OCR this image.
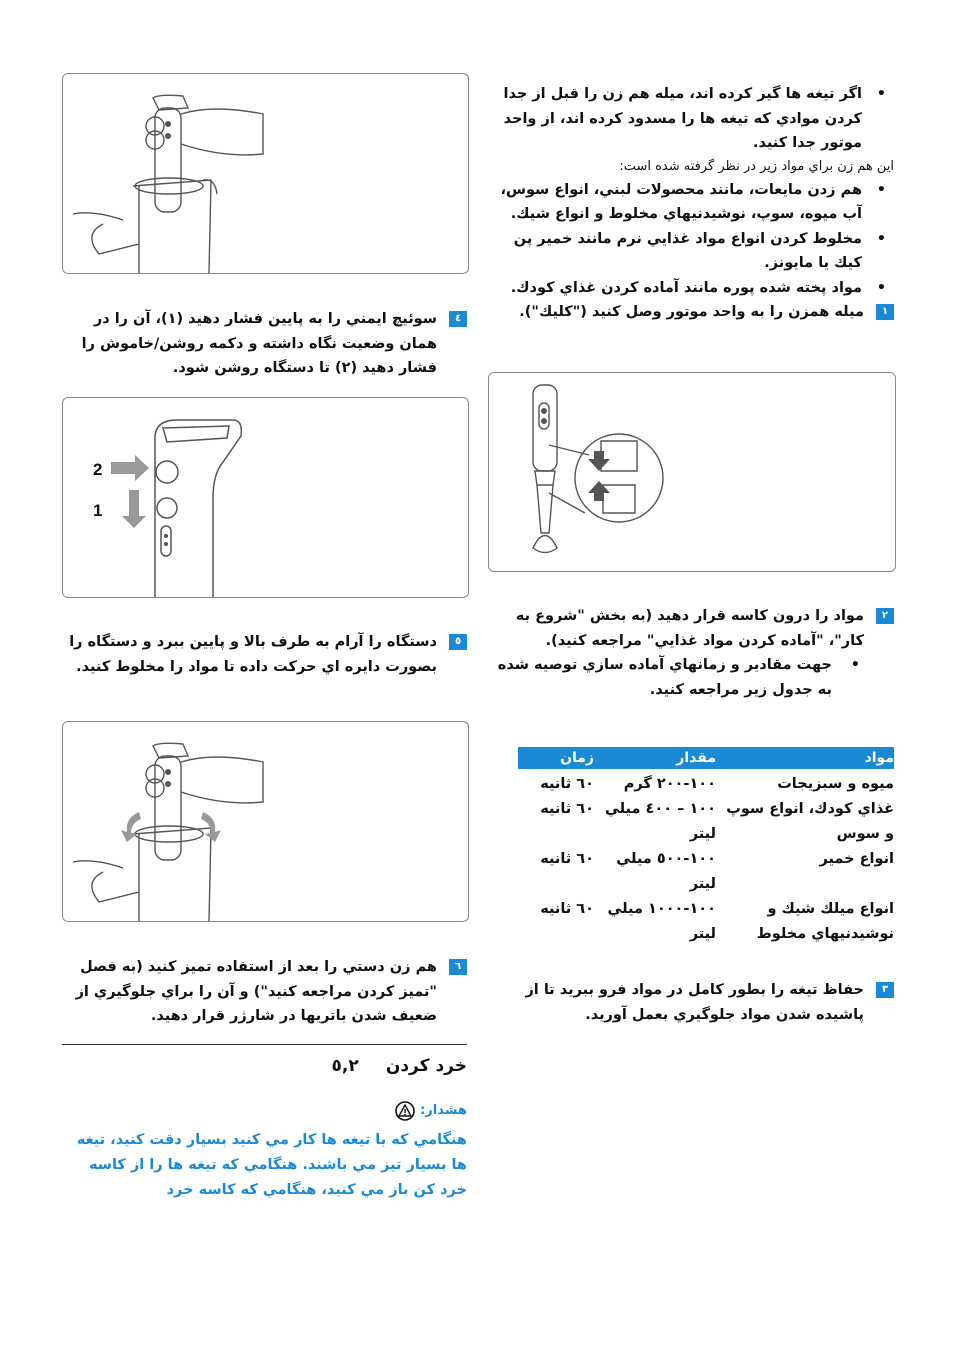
•
اگر تيغه ها گير کرده اند، ميله هم زن را قبل از جدا کردن موادي که تيغه ها را مسدود کرده اند، از واحد موتور جدا کنيد.

اين هم زن براي مواد زير در نظر گرفته شده است:

•
هم زدن مايعات، مانند محصولات لبني، انواع سوس، آب ميوه، سوپ، نوشيدنيهاي مخلوط و انواع شيك.

•
مخلوط كردن انواع مواد غذايي نرم مانند خمير پن كيك يا مايونز.

•
مواد پخته شده پوره مانند آماده كردن غذاي كودك.

١
ميله همزن را به واحد موتور وصل كنيد ("كليك").

٢
مواد را درون كاسه قرار دهيد (به بخش "شروع به كار"، "آماده كردن مواد غذايي" مراجعه كنيد).

•
جهت مقادير و زمانهاي آماده سازي توصيه شده به جدول زير مراجعه كنيد.

مواد
مقدار
زمان
ميوه و سبزيجات
١٠٠-٢٠٠ گرم
٦٠ ثانيه
غذاي كودك، انواع سوپ و سوس
١٠٠ – ٤٠٠ ميلي ليتر
٦٠ ثانيه
انواع خمير
١٠٠-٥٠٠ ميلي ليتر
٦٠ ثانيه
انواع ميلك شيك و نوشيدنيهاي مخلوط
١٠٠-١٠٠٠ ميلي ليتر
٦٠ ثانيه

٣
حفاظ تيغه را بطور كامل در مواد فرو ببريد تا از پاشيده شدن مواد جلوگيري بعمل آوريد.

٤
سوئيچ ايمني را به پايين فشار دهيد (١)، آن را در همان وضعيت نگاه داشته و دكمه روشن/خاموش را فشار دهيد (٢) تا دستگاه روشن شود.

2
1

٥
دستگاه را آرام به طرف بالا و پايين ببرد و دستگاه را بصورت دايره اي حركت داده تا مواد را مخلوط كنيد.

٦
هم زن دستي را بعد از استفاده تميز كنيد (به فصل "تميز كردن مراجعه كنيد") و آن را براي جلوگيري از ضعيف شدن باتريها در شارژر قرار دهيد.

خرد كردن ٥,٢
هشدار:

هنگامي كه با تيغه ها كار مي كنيد بسيار دقت كنيد، تيغه ها بسيار تيز مي باشند. هنگامي كه تيغه ها را از كاسه خرد كن باز مي كنيد، هنگامي كه كاسه خرد
